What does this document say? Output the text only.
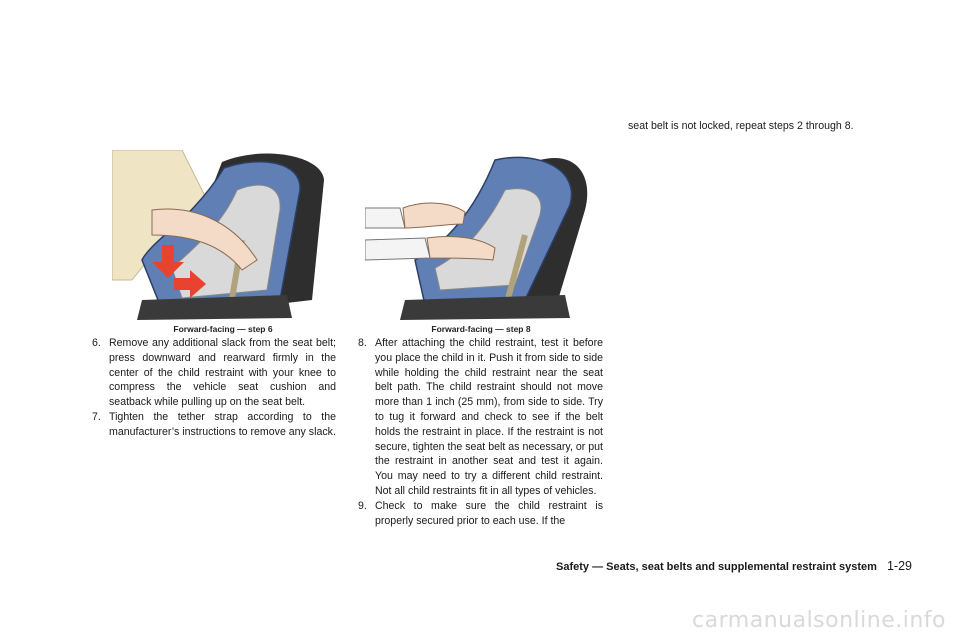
Forward-facing — step 6	Forward-facing — step 8

6. Remove any additional slack from the seat belt; press downward and rearward firmly in the center of the child restraint with your knee to compress the vehicle seat cushion and seatback while pulling up on the seat belt.

7. Tighten the tether strap according to the manufacturer’s instructions to remove any slack.

8. After attaching the child restraint, test it before you place the child in it. Push it from side to side while holding the child restraint near the seat belt path. The child restraint should not move more than 1 inch (25 mm), from side to side. Try to tug it forward and check to see if the belt holds the restraint in place. If the restraint is not secure, tighten the seat belt as necessary, or put the restraint in another seat and test it again. You may need to try a different child restraint. Not all child restraints fit in all types of vehicles.

9. Check to make sure the child restraint is properly secured prior to each use. If the

seat belt is not locked, repeat steps 2 through 8.

Safety — Seats, seat belts and supplemental restraint system 1-29
carmanualsonline.info
